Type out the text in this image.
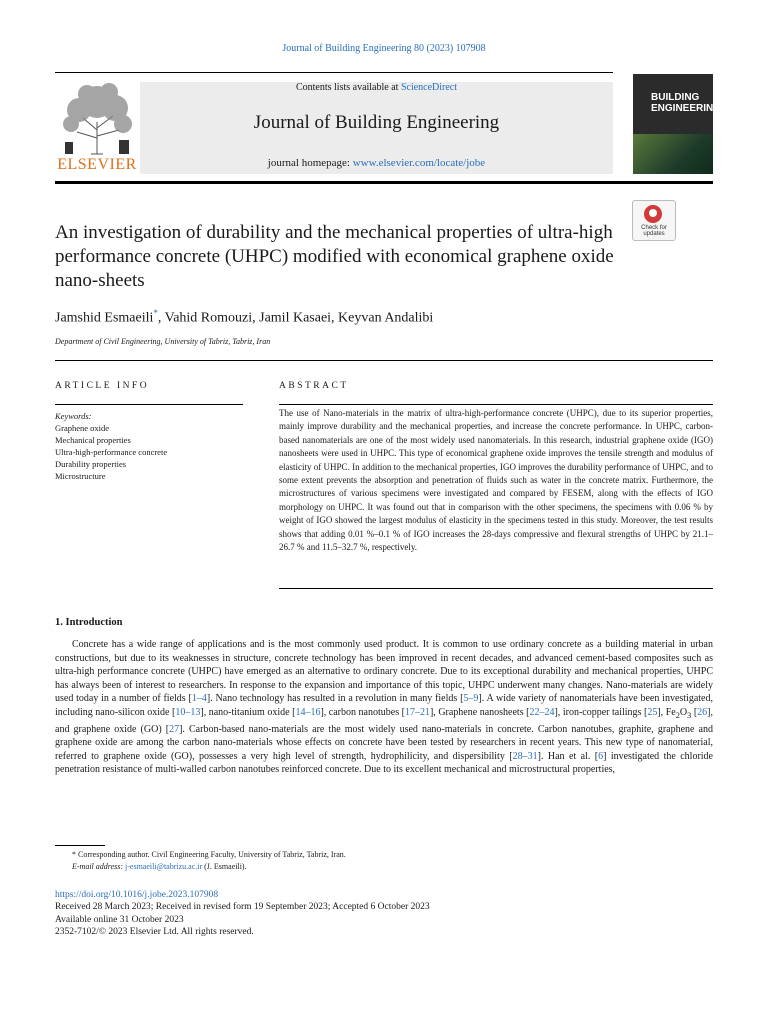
Journal of Building Engineering 80 (2023) 107908
ELSEVIER
Contents lists available at ScienceDirect
Journal of Building Engineering
journal homepage: www.elsevier.com/locate/jobe
BUILDING
ENGINEERING
Check for
updates
An investigation of durability and the mechanical properties of ultra-high performance concrete (UHPC) modified with economical graphene oxide nano-sheets
Jamshid Esmaeili*, Vahid Romouzi, Jamil Kasaei, Keyvan Andalibi
Department of Civil Engineering, University of Tabriz, Tabriz, Iran
ARTICLE INFO	ABSTRACT
Keywords:
Graphene oxide
Mechanical properties
Ultra-high-performance concrete
Durability properties
Microstructure
The use of Nano-materials in the matrix of ultra-high-performance concrete (UHPC), due to its superior properties, mainly improve durability and the mechanical properties, and increase the concrete performance. In UHPC, carbon-based nanomaterials are one of the most widely used nanomaterials. In this research, industrial graphene oxide (IGO) nanosheets were used in UHPC. This type of economical graphene oxide improves the tensile strength and modulus of elasticity of UHPC. In addition to the mechanical properties, IGO improves the durability performance of UHPC, and to some extent prevents the absorption and penetration of fluids such as water in the concrete matrix. Furthermore, the microstructures of various specimens were investigated and compared by FESEM, along with the effects of IGO morphology on UHPC. It was found out that in comparison with the other specimens, the specimens with 0.06 % by weight of IGO showed the largest modulus of elasticity in the specimens tested in this study. Moreover, the test results shows that adding 0.01 %–0.1 % of IGO increases the 28-days compressive and flexural strengths of UHPC by 21.1–26.7 % and 11.5–32.7 %, respectively.
1. Introduction
Concrete has a wide range of applications and is the most commonly used product. It is common to use ordinary concrete as a building material in urban constructions, but due to its weaknesses in structure, concrete technology has been improved in recent decades, and advanced cement-based composites such as ultra-high performance concrete (UHPC) have emerged as an alternative to ordinary concrete. Due to its exceptional durability and mechanical properties, UHPC has always been of interest to researchers. In response to the expansion and importance of this topic, UHPC underwent many changes. Nano-materials are widely used today in a number of fields [1–4]. Nano technology has resulted in a revolution in many fields [5–9]. A wide variety of nanomaterials have been investigated, including nano-silicon oxide [10–13], nano-titanium oxide [14–16], carbon nanotubes [17–21], Graphene nanosheets [22–24], iron-copper tailings [25], $Fe_2O_3$ [26], and graphene oxide (GO) [27]. Carbon-based nano-materials are the most widely used nano-materials in concrete. Carbon nanotubes, graphite, graphene and graphene oxide are among the carbon nano-materials whose effects on concrete have been tested by researchers in recent years. This new type of nanomaterial, referred to graphene oxide (GO), possesses a very high level of strength, hydrophilicity, and dispersibility [28–31]. Han et al. [6] investigated the chloride penetration resistance of multi-walled carbon nanotubes reinforced concrete. Due to its excellent mechanical and microstructural properties,
* Corresponding author. Civil Engineering Faculty, University of Tabriz, Tabriz, Iran.
E-mail address: j-esmaeili@tabrizu.ac.ir (J. Esmaeili).
https://doi.org/10.1016/j.jobe.2023.107908
Received 28 March 2023; Received in revised form 19 September 2023; Accepted 6 October 2023
Available online 31 October 2023
2352-7102/© 2023 Elsevier Ltd. All rights reserved.
